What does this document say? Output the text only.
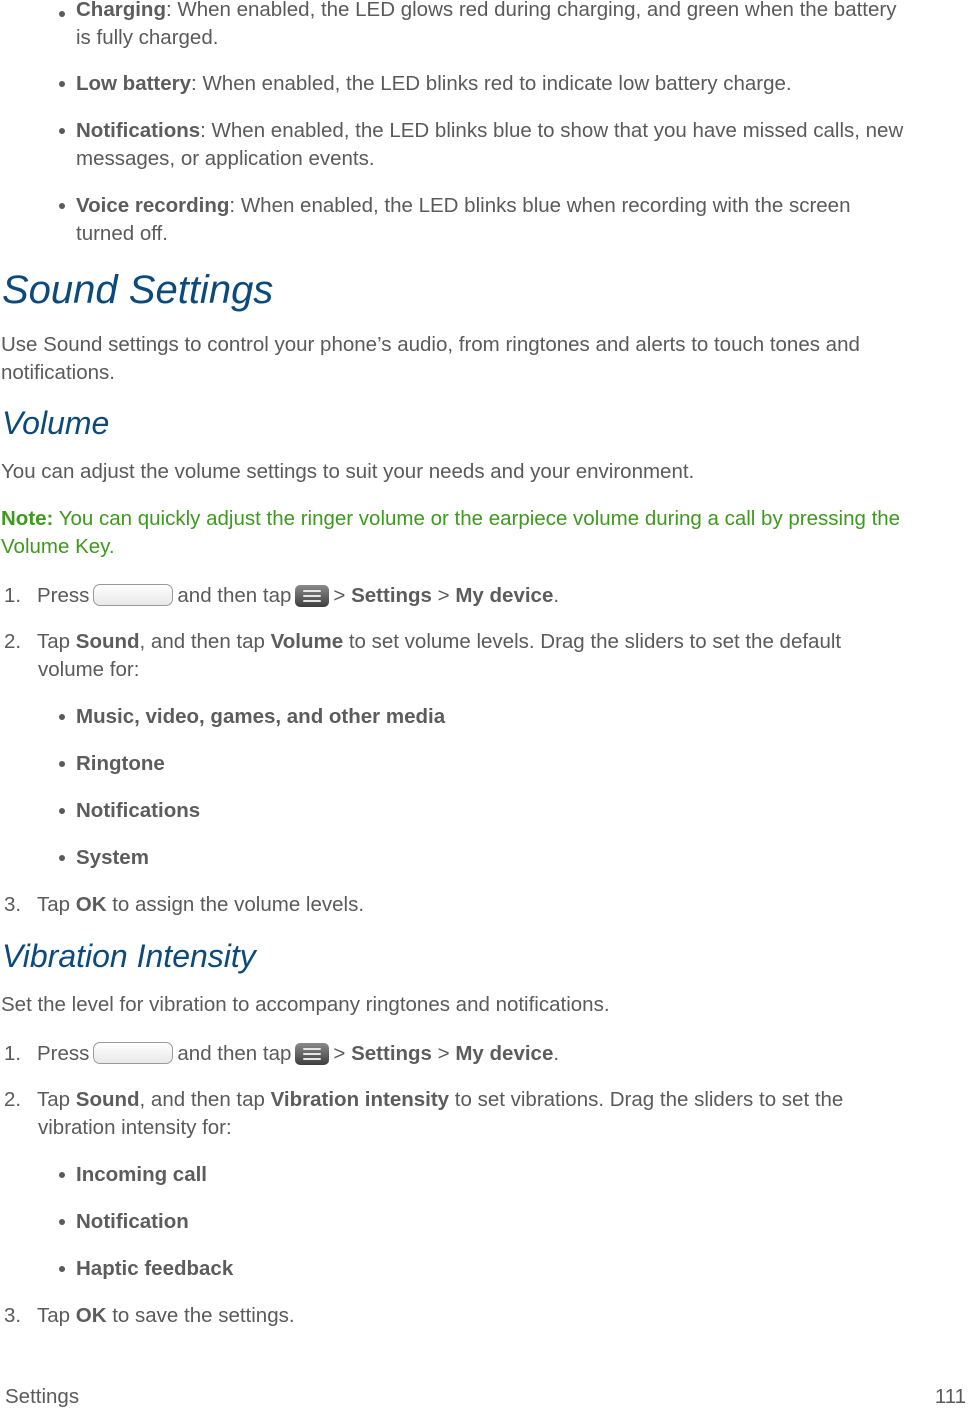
Charging: When enabled, the LED glows red during charging, and green when the battery
is fully charged.
Low battery: When enabled, the LED blinks red to indicate low battery charge.
Notifications: When enabled, the LED blinks blue to show that you have missed calls, new
messages, or application events.
Voice recording: When enabled, the LED blinks blue when recording with the screen
turned off.
Sound Settings
Use Sound settings to control your phone’s audio, from ringtones and alerts to touch tones and
notifications.
Volume
You can adjust the volume settings to suit your needs and your environment.
Note: You can quickly adjust the ringer volume or the earpiece volume during a call by pressing the
Volume Key.
1. Press	and then tap > Settings > My device.
2. Tap Sound, and then tap Volume to set volume levels. Drag the sliders to set the default
volume for:
Music, video, games, and other media
Ringtone
Notifications
System
3. Tap OK to assign the volume levels.
Vibration Intensity
Set the level for vibration to accompany ringtones and notifications.
1. Press	and then tap > Settings > My device.
2. Tap Sound, and then tap Vibration intensity to set vibrations. Drag the sliders to set the
vibration intensity for:
Incoming call
Notification
Haptic feedback
3. Tap OK to save the settings.
Settings	111
